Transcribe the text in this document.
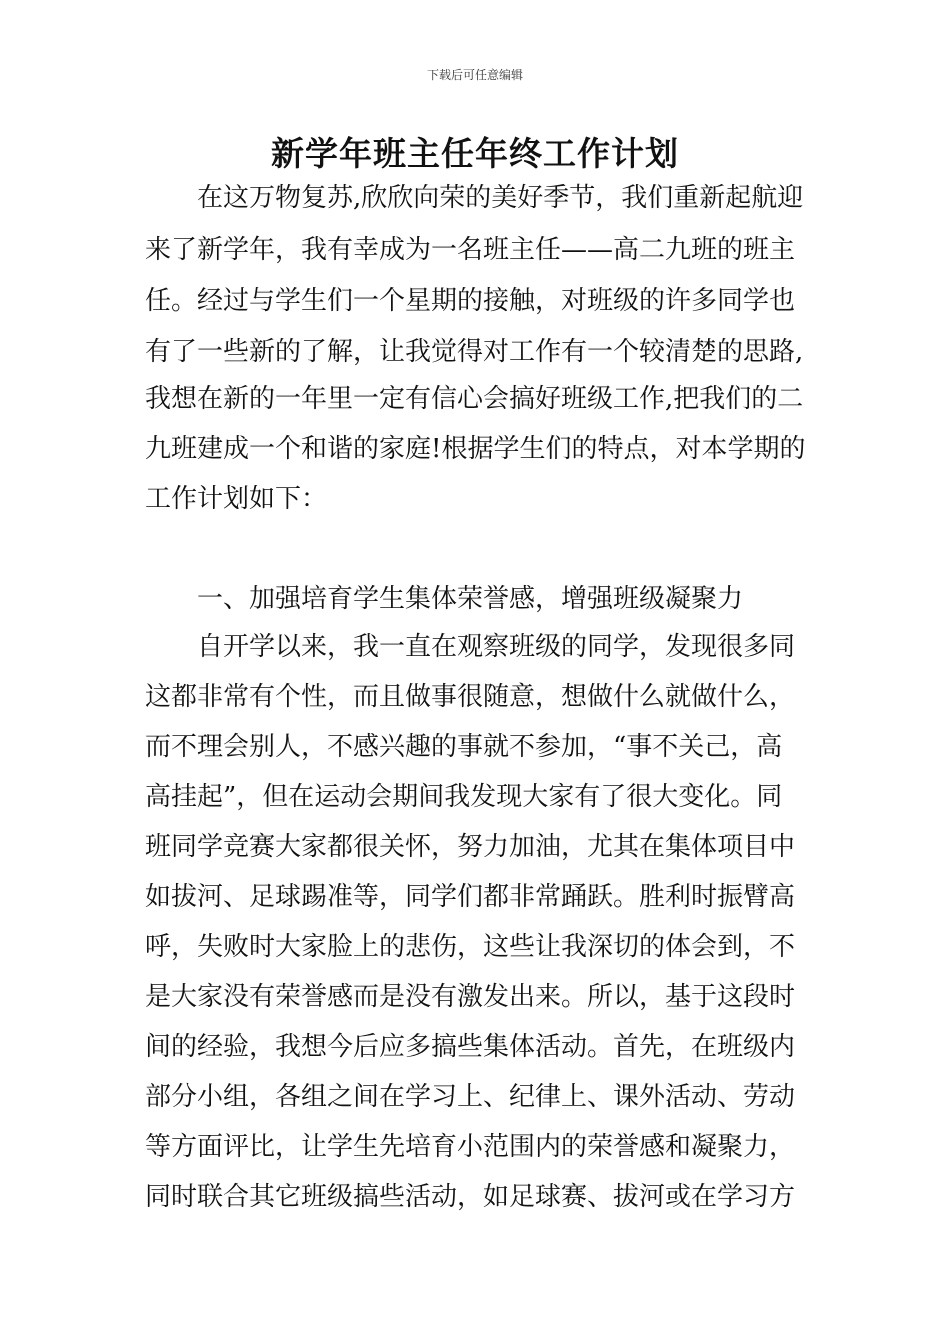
下载后可任意编辑
新学年班主任年终工作计划
　　在这万物复苏,欣欣向荣的美好季节，我们重新起航迎
来了新学年，我有幸成为一名班主任——高二九班的班主
任。经过与学生们一个星期的接触，对班级的许多同学也
有了一些新的了解，让我觉得对工作有一个较清楚的思路,
我想在新的一年里一定有信心会搞好班级工作,把我们的二
九班建成一个和谐的家庭!根据学生们的特点，对本学期的
工作计划如下：
　　一、加强培育学生集体荣誉感，增强班级凝聚力
　　自开学以来，我一直在观察班级的同学，发现很多同
这都非常有个性，而且做事很随意，想做什么就做什么，
而不理会别人，不感兴趣的事就不参加，“事不关己，高
高挂起”，但在运动会期间我发现大家有了很大变化。同
班同学竞赛大家都很关怀，努力加油，尤其在集体项目中
如拔河、足球踢准等，同学们都非常踊跃。胜利时振臂高
呼，失败时大家脸上的悲伤，这些让我深切的体会到，不
是大家没有荣誉感而是没有激发出来。所以，基于这段时
间的经验，我想今后应多搞些集体活动。首先，在班级内
部分小组，各组之间在学习上、纪律上、课外活动、劳动
等方面评比，让学生先培育小范围内的荣誉感和凝聚力，
同时联合其它班级搞些活动，如足球赛、拔河或在学习方
